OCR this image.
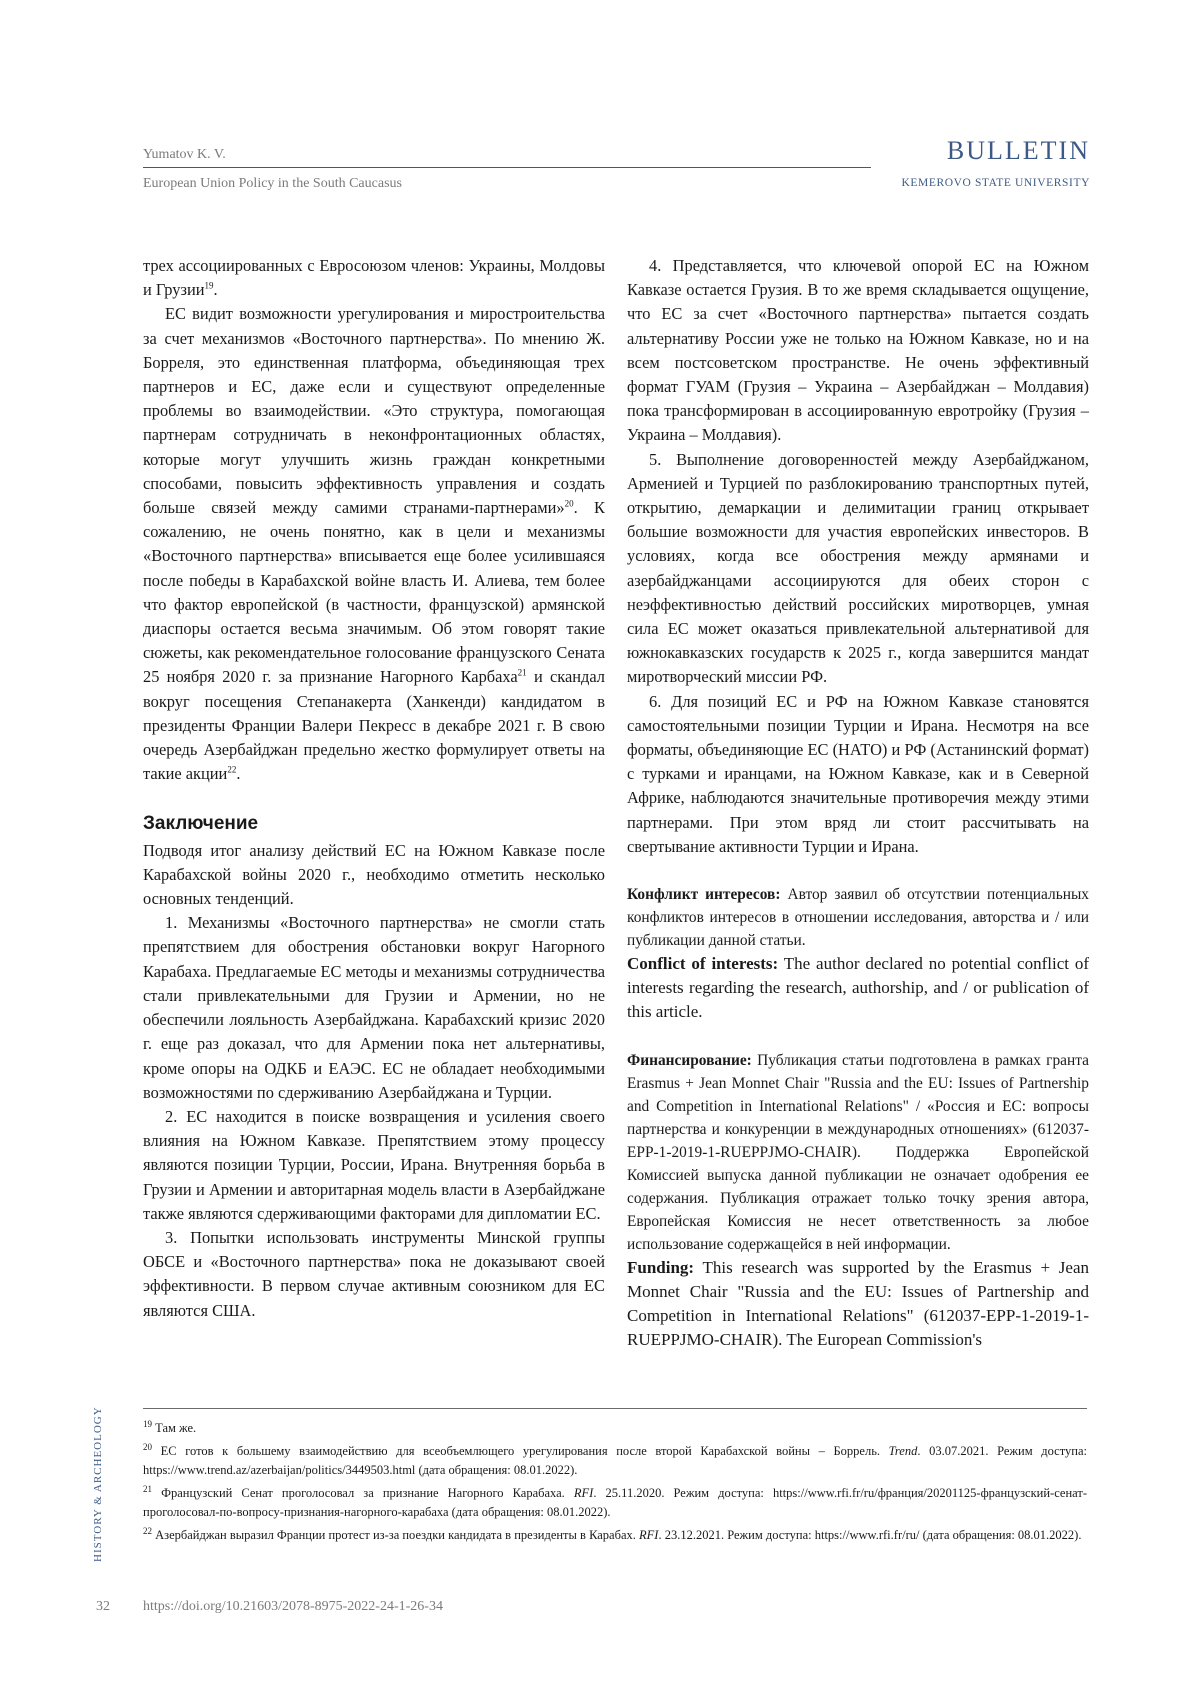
Yumatov K. V.
European Union Policy in the South Caucasus
BULLETIN
KEMEROVO STATE UNIVERSITY

трех ассоциированных с Евросоюзом членов: Украины, Молдовы и Грузии$^{19}$.

ЕС видит возможности урегулирования и миростроительства за счет механизмов «Восточного партнерства». По мнению Ж. Борреля, это единственная платформа, объединяющая трех партнеров и ЕС, даже если и существуют определенные проблемы во взаимодействии. «Это структура, помогающая партнерам сотрудничать в неконфронтационных областях, которые могут улучшить жизнь граждан конкретными способами, повысить эффективность управления и создать больше связей между самими странами-партнерами»$^{20}$. К сожалению, не очень понятно, как в цели и механизмы «Восточного партнерства» вписывается еще более усилившаяся после победы в Карабахской войне власть И. Алиева, тем более что фактор европейской (в частности, французской) армянской диаспоры остается весьма значимым. Об этом говорят такие сюжеты, как рекомендательное голосование французского Сената 25 ноября 2020 г. за признание Нагорного Карбаха$^{21}$ и скандал вокруг посещения Степанакерта (Ханкенди) кандидатом в президенты Франции Валери Пекресс в декабре 2021 г. В свою очередь Азербайджан предельно жестко формулирует ответы на такие акции$^{22}$.

Заключение

Подводя итог анализу действий ЕС на Южном Кавказе после Карабахской войны 2020 г., необходимо отметить несколько основных тенденций.

1. Механизмы «Восточного партнерства» не смогли стать препятствием для обострения обстановки вокруг Нагорного Карабаха. Предлагаемые ЕС методы и механизмы сотрудничества стали привлекательными для Грузии и Армении, но не обеспечили лояльность Азербайджана. Карабахский кризис 2020 г. еще раз доказал, что для Армении пока нет альтернативы, кроме опоры на ОДКБ и ЕАЭС. ЕС не обладает необходимыми возможностями по сдерживанию Азербайджана и Турции.

2. ЕС находится в поиске возвращения и усиления своего влияния на Южном Кавказе. Препятствием этому процессу являются позиции Турции, России, Ирана. Внутренняя борьба в Грузии и Армении и авторитарная модель власти в Азербайджане также являются сдерживающими факторами для дипломатии ЕС.

3. Попытки использовать инструменты Минской группы ОБСЕ и «Восточного партнерства» пока не доказывают своей эффективности. В первом случае активным союзником для ЕС являются США.

4. Представляется, что ключевой опорой ЕС на Южном Кавказе остается Грузия. В то же время складывается ощущение, что ЕС за счет «Восточного партнерства» пытается создать альтернативу России уже не только на Южном Кавказе, но и на всем постсоветском пространстве. Не очень эффективный формат ГУАМ (Грузия – Украина – Азербайджан – Молдавия) пока трансформирован в ассоциированную евротройку (Грузия – Украина – Молдавия).

5. Выполнение договоренностей между Азербайджаном, Арменией и Турцией по разблокированию транспортных путей, открытию, демаркации и делимитации границ открывает большие возможности для участия европейских инвесторов. В условиях, когда все обострения между армянами и азербайджанцами ассоциируются для обеих сторон с неэффективностью действий российских миротворцев, умная сила ЕС может оказаться привлекательной альтернативой для южнокавказских государств к 2025 г., когда завершится мандат миротворческий миссии РФ.

6. Для позиций ЕС и РФ на Южном Кавказе становятся самостоятельными позиции Турции и Ирана. Несмотря на все форматы, объединяющие ЕС (НАТО) и РФ (Астанинский формат) с турками и иранцами, на Южном Кавказе, как и в Северной Африке, наблюдаются значительные противоречия между этими партнерами. При этом вряд ли стоит рассчитывать на свертывание активности Турции и Ирана.

Конфликт интересов: Автор заявил об отсутствии потенциальных конфликтов интересов в отношении исследования, авторства и / или публикации данной статьи.

Conflict of interests: The author declared no potential conflict of interests regarding the research, authorship, and / or publication of this article.

Финансирование: Публикация статьи подготовлена в рамках гранта Erasmus + Jean Monnet Chair "Russia and the EU: Issues of Partnership and Competition in International Relations" / «Россия и ЕС: вопросы партнерства и конкуренции в международных отношениях» (612037-EPP-1-2019-1-RUEPPJMO-CHAIR). Поддержка Европейской Комиссией выпуска данной публикации не означает одобрения ее содержания. Публикация отражает только точку зрения автора, Европейская Комиссия не несет ответственность за любое использование содержащейся в ней информации.

Funding: This research was supported by the Erasmus + Jean Monnet Chair "Russia and the EU: Issues of Partnership and Competition in International Relations" (612037-EPP-1-2019-1-RUEPPJMO-CHAIR). The European Commission's

$^{19}$ Там же.

$^{20}$ ЕС готов к большему взаимодействию для всеобъемлющего урегулирования после второй Карабахской войны – Боррель. Trend. 03.07.2021. Режим доступа: https://www.trend.az/azerbaijan/politics/3449503.html (дата обращения: 08.01.2022).

$^{21}$ Французский Сенат проголосовал за признание Нагорного Карабаха. RFI. 25.11.2020. Режим доступа: https://www.rfi.fr/ru/франция/20201125-французский-сенат-проголосовал-по-вопросу-признания-нагорного-карабаха (дата обращения: 08.01.2022).

$^{22}$ Азербайджан выразил Франции протест из-за поездки кандидата в президенты в Карабах. RFI. 23.12.2021. Режим доступа: https://www.rfi.fr/ru/ (дата обращения: 08.01.2022).

HISTORY & ARCHEOLOGY
32 https://doi.org/10.21603/2078-8975-2022-24-1-26-34
